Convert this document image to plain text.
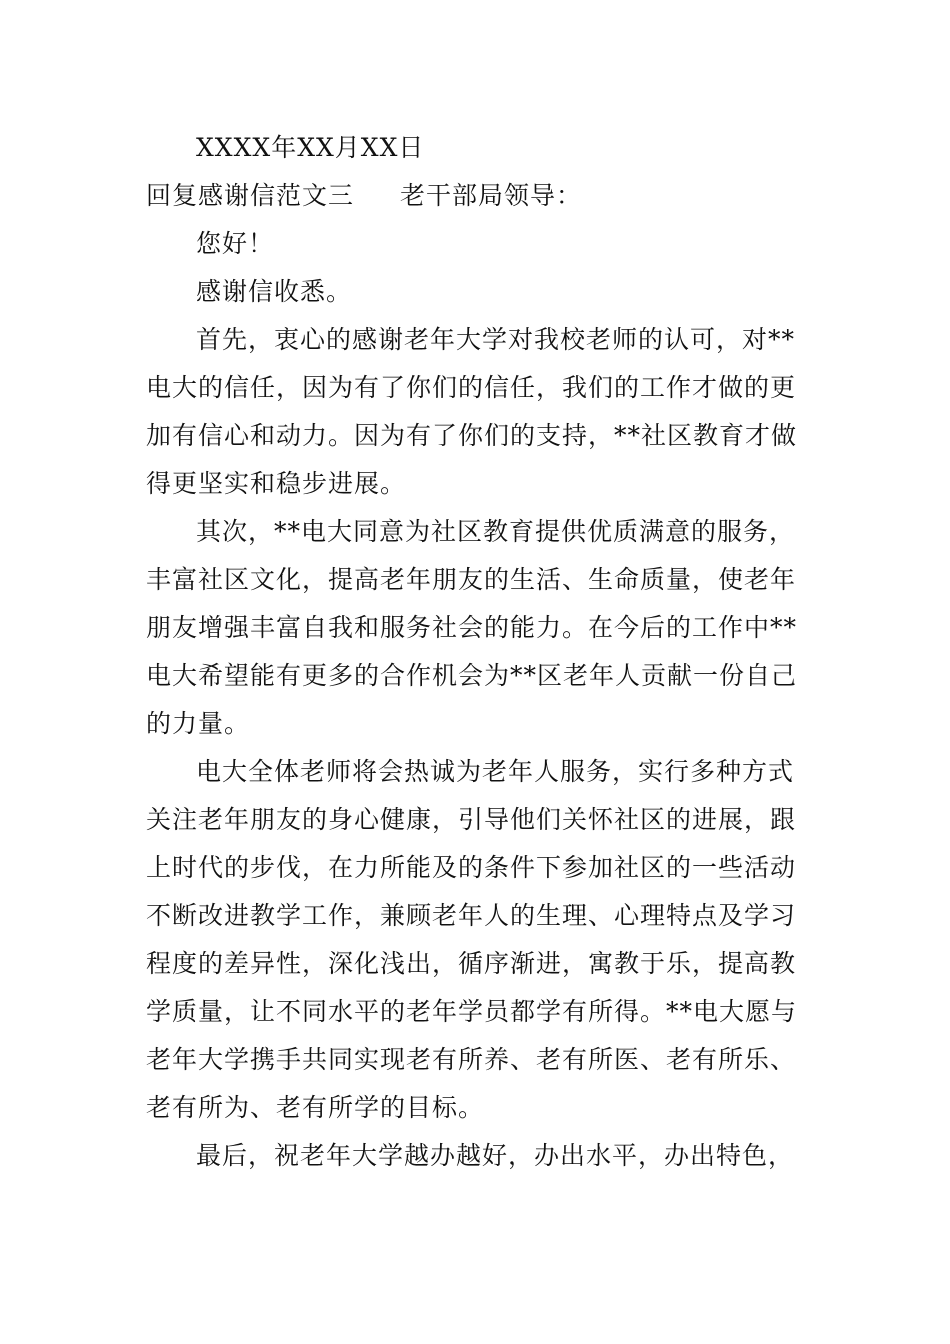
XXXX年XX月XX日
回复感谢信范文三 老干部局领导：
您好！
感谢信收悉。
首先，衷心的感谢老年大学对我校老师的认可，对**
电大的信任，因为有了你们的信任，我们的工作才做的更
加有信心和动力。因为有了你们的支持，**社区教育才做
得更坚实和稳步进展。
其次，**电大同意为社区教育提供优质满意的服务，
丰富社区文化，提高老年朋友的生活、生命质量，使老年
朋友增强丰富自我和服务社会的能力。在今后的工作中**
电大希望能有更多的合作机会为**区老年人贡献一份自己
的力量。
电大全体老师将会热诚为老年人服务，实行多种方式
关注老年朋友的身心健康，引导他们关怀社区的进展，跟
上时代的步伐，在力所能及的条件下参加社区的一些活动
不断改进教学工作，兼顾老年人的生理、心理特点及学习
程度的差异性，深化浅出，循序渐进，寓教于乐，提高教
学质量，让不同水平的老年学员都学有所得。**电大愿与
老年大学携手共同实现老有所养、老有所医、老有所乐、
老有所为、老有所学的目标。
最后，祝老年大学越办越好，办出水平，办出特色，
